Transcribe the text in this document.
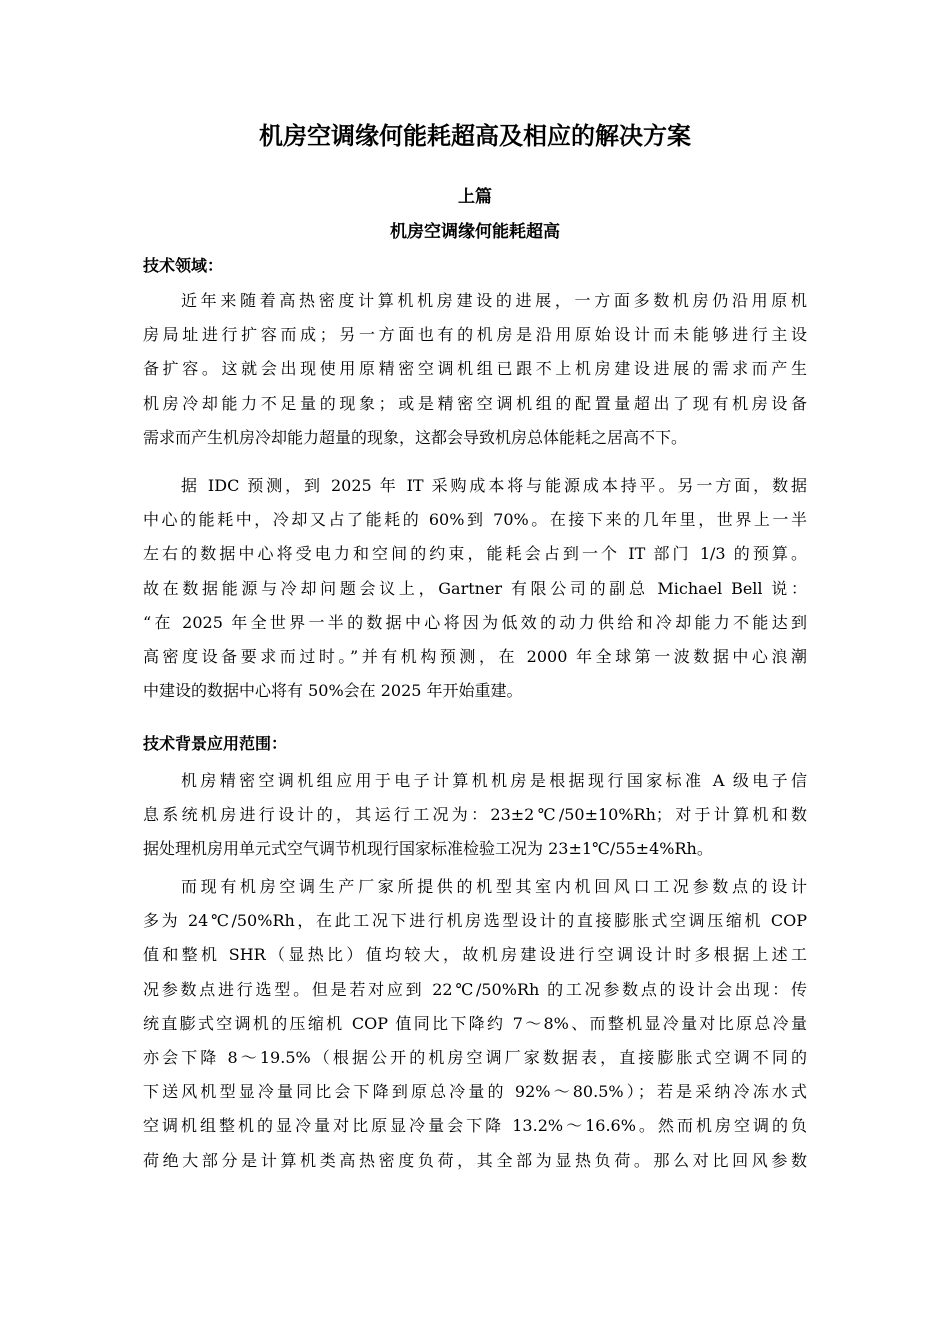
机房空调缘何能耗超高及相应的解决方案
上篇
机房空调缘何能耗超高
技术领域：
近年来随着高热密度计算机机房建设的进展，一方面多数机房仍沿用原机
房局址进行扩容而成；另一方面也有的机房是沿用原始设计而未能够进行主设
备扩容。这就会出现使用原精密空调机组已跟不上机房建设进展的需求而产生
机房冷却能力不足量的现象；或是精密空调机组的配置量超出了现有机房设备
需求而产生机房冷却能力超量的现象，这都会导致机房总体能耗之居高不下。
据 IDC 预测，到 2025 年 IT 采购成本将与能源成本持平。另一方面，数据
中心的能耗中，冷却又占了能耗的 60%到 70%。在接下来的几年里，世界上一半
左右的数据中心将受电力和空间的约束，能耗会占到一个 IT 部门 1/3 的预算。
故在数据能源与冷却问题会议上，Gartner 有限公司的副总 Michael Bell 说：
“在 2025 年全世界一半的数据中心将因为低效的动力供给和冷却能力不能达到
高密度设备要求而过时。”并有机构预测，在 2000 年全球第一波数据中心浪潮
中建设的数据中心将有 50%会在 2025 年开始重建。
技术背景应用范围：
机房精密空调机组应用于电子计算机机房是根据现行国家标准 A 级电子信
息系统机房进行设计的，其运行工况为：23±2℃/50±10%Rh；对于计算机和数
据处理机房用单元式空气调节机现行国家标准检验工况为 23±1℃/55±4%Rh。
而现有机房空调生产厂家所提供的机型其室内机回风口工况参数点的设计
多为 24℃/50%Rh，在此工况下进行机房选型设计的直接膨胀式空调压缩机 COP
值和整机 SHR（显热比）值均较大，故机房建设进行空调设计时多根据上述工
况参数点进行选型。但是若对应到 22℃/50%Rh 的工况参数点的设计会出现：传
统直膨式空调机的压缩机 COP 值同比下降约 7～8%、而整机显冷量对比原总冷量
亦会下降 8～19.5%（根据公开的机房空调厂家数据表，直接膨胀式空调不同的
下送风机型显冷量同比会下降到原总冷量的 92%～80.5%）；若是采纳冷冻水式
空调机组整机的显冷量对比原显冷量会下降 13.2%～16.6%。然而机房空调的负
荷绝大部分是计算机类高热密度负荷，其全部为显热负荷。那么对比回风参数
